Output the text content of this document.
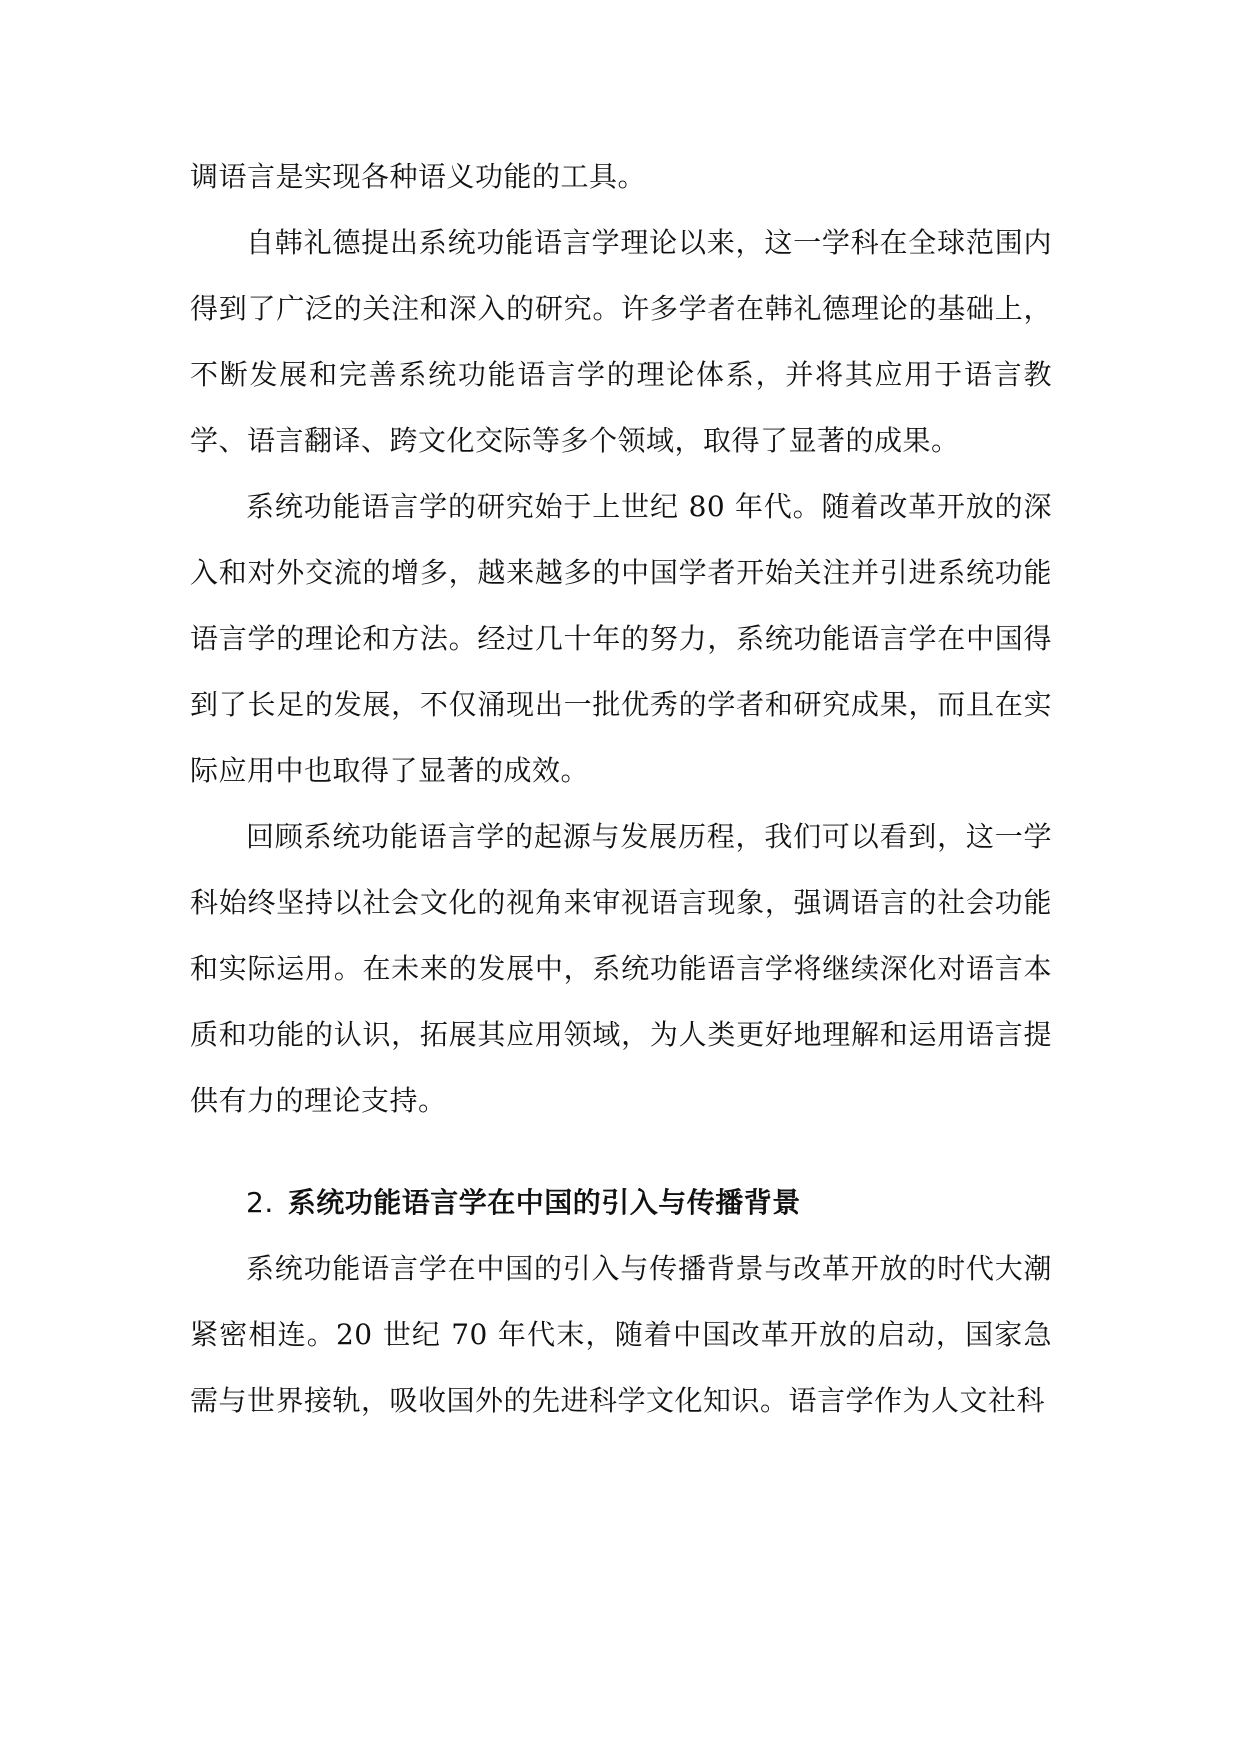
调语言是实现各种语义功能的工具。

自韩礼德提出系统功能语言学理论以来，这一学科在全球范围内得到了广泛的关注和深入的研究。许多学者在韩礼德理论的基础上，不断发展和完善系统功能语言学的理论体系，并将其应用于语言教学、语言翻译、跨文化交际等多个领域，取得了显著的成果。

系统功能语言学的研究始于上世纪 80 年代。随着改革开放的深入和对外交流的增多，越来越多的中国学者开始关注并引进系统功能语言学的理论和方法。经过几十年的努力，系统功能语言学在中国得到了长足的发展，不仅涌现出一批优秀的学者和研究成果，而且在实际应用中也取得了显著的成效。

回顾系统功能语言学的起源与发展历程，我们可以看到，这一学科始终坚持以社会文化的视角来审视语言现象，强调语言的社会功能和实际运用。在未来的发展中，系统功能语言学将继续深化对语言本质和功能的认识，拓展其应用领域，为人类更好地理解和运用语言提供有力的理论支持。

2. 系统功能语言学在中国的引入与传播背景

系统功能语言学在中国的引入与传播背景与改革开放的时代大潮紧密相连。20 世纪 70 年代末，随着中国改革开放的启动，国家急需与世界接轨，吸收国外的先进科学文化知识。语言学作为人文社科
